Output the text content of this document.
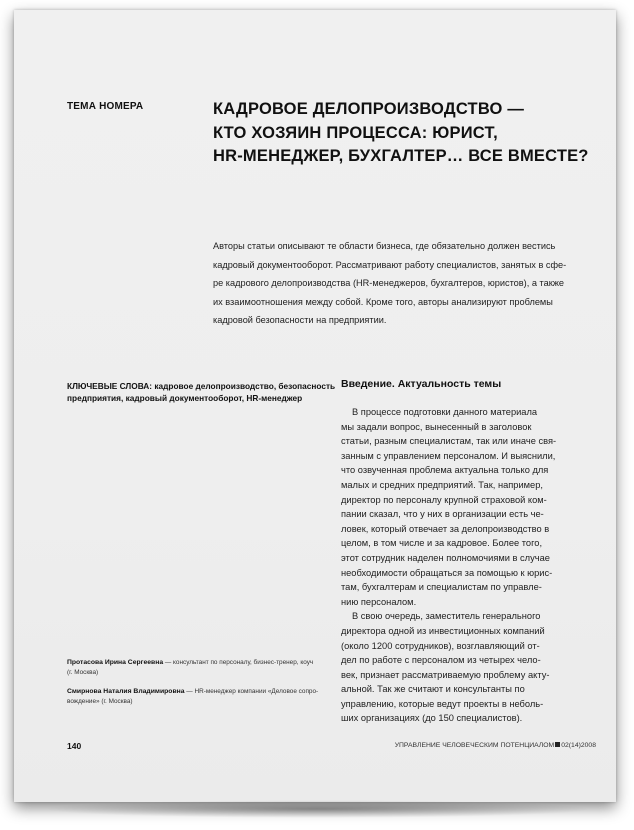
ТЕМА НОМЕРА	КАДРОВОЕ ДЕЛОПРОИЗВОДСТВО —
КТО ХОЗЯИН ПРОЦЕССА: ЮРИСТ,
HR-МЕНЕДЖЕР, БУХГАЛТЕР… ВСЕ ВМЕСТЕ?
Авторы статьи описывают те области бизнеса, где обязательно должен вестись
кадровый документооборот. Рассматривают работу специалистов, занятых в сфе-
ре кадрового делопроизводства (HR-менеджеров, бухгалтеров, юристов), а также
их взаимоотношения между собой. Кроме того, авторы анализируют проблемы
кадровой безопасности на предприятии.
КЛЮЧЕВЫЕ СЛОВА: кадровое делопроизводство, безопасность
предприятия, кадровый документооборот, HR-менеджер
Введение. Актуальность темы
В процессе подготовки данного материала
мы задали вопрос, вынесенный в заголовок
статьи, разным специалистам, так или иначе свя-
занным с управлением персоналом. И выяснили,
что озвученная проблема актуальна только для
малых и средних предприятий. Так, например,
директор по персоналу крупной страховой ком-
пании сказал, что у них в организации есть че-
ловек, который отвечает за делопроизводство в
целом, в том числе и за кадровое. Более того,
этот сотрудник наделен полномочиями в случае
необходимости обращаться за помощью к юрис-
там, бухгалтерам и специалистам по управле-
нию персоналом.
В свою очередь, заместитель генерального
директора одной из инвестиционных компаний
(около 1200 сотрудников), возглавляющий от-
дел по работе с персоналом из четырех чело-
век, признает рассматриваемую проблему акту-
альной. Так же считают и консультанты по
управлению, которые ведут проекты в неболь-
ших организациях (до 150 специалистов).
Протасова Ирина Сергеевна — консультант по персоналу, бизнес-тренер, коуч
(г. Москва)
Смирнова Наталия Владимировна — HR-менеджер компании «Деловое сопро-
вождение» (г. Москва)
140	УПРАВЛЕНИЕ ЧЕЛОВЕЧЕСКИМ ПОТЕНЦИАЛОМ 02(14)2008
